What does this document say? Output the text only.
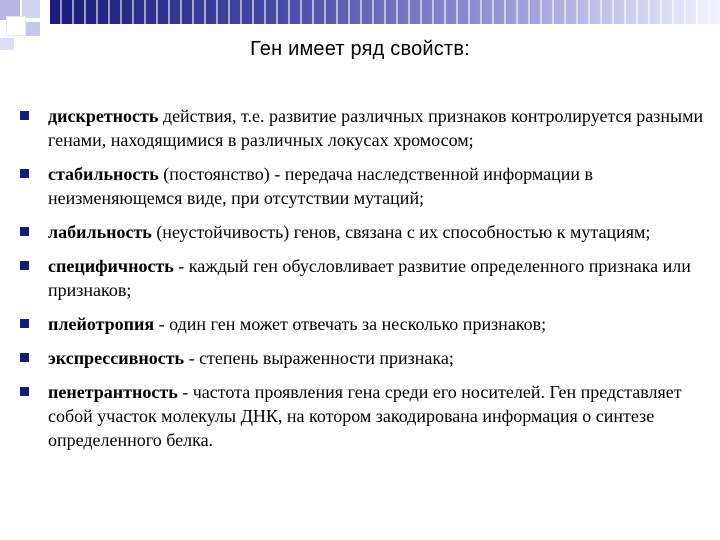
Ген имеет ряд свойств:
дискретность действия, т.е. развитие различных признаков контролируется разными генами, находящимися в различных локусах хромосом;
стабильность (постоянство) - передача наследственной информации в неизменяющемся виде, при отсутствии мутаций;
лабильность (неустойчивость) генов, связана с их способностью к мутациям;
специфичность - каждый ген обусловливает развитие определенного признака или признаков;
плейотропия - один ген может отвечать за несколько признаков;
экспрессивность - степень выраженности признака;
пенетрантность - частота проявления гена среди его носителей. Ген представляет собой участок молекулы ДНК, на котором закодирована информация о синтезе определенного белка.
